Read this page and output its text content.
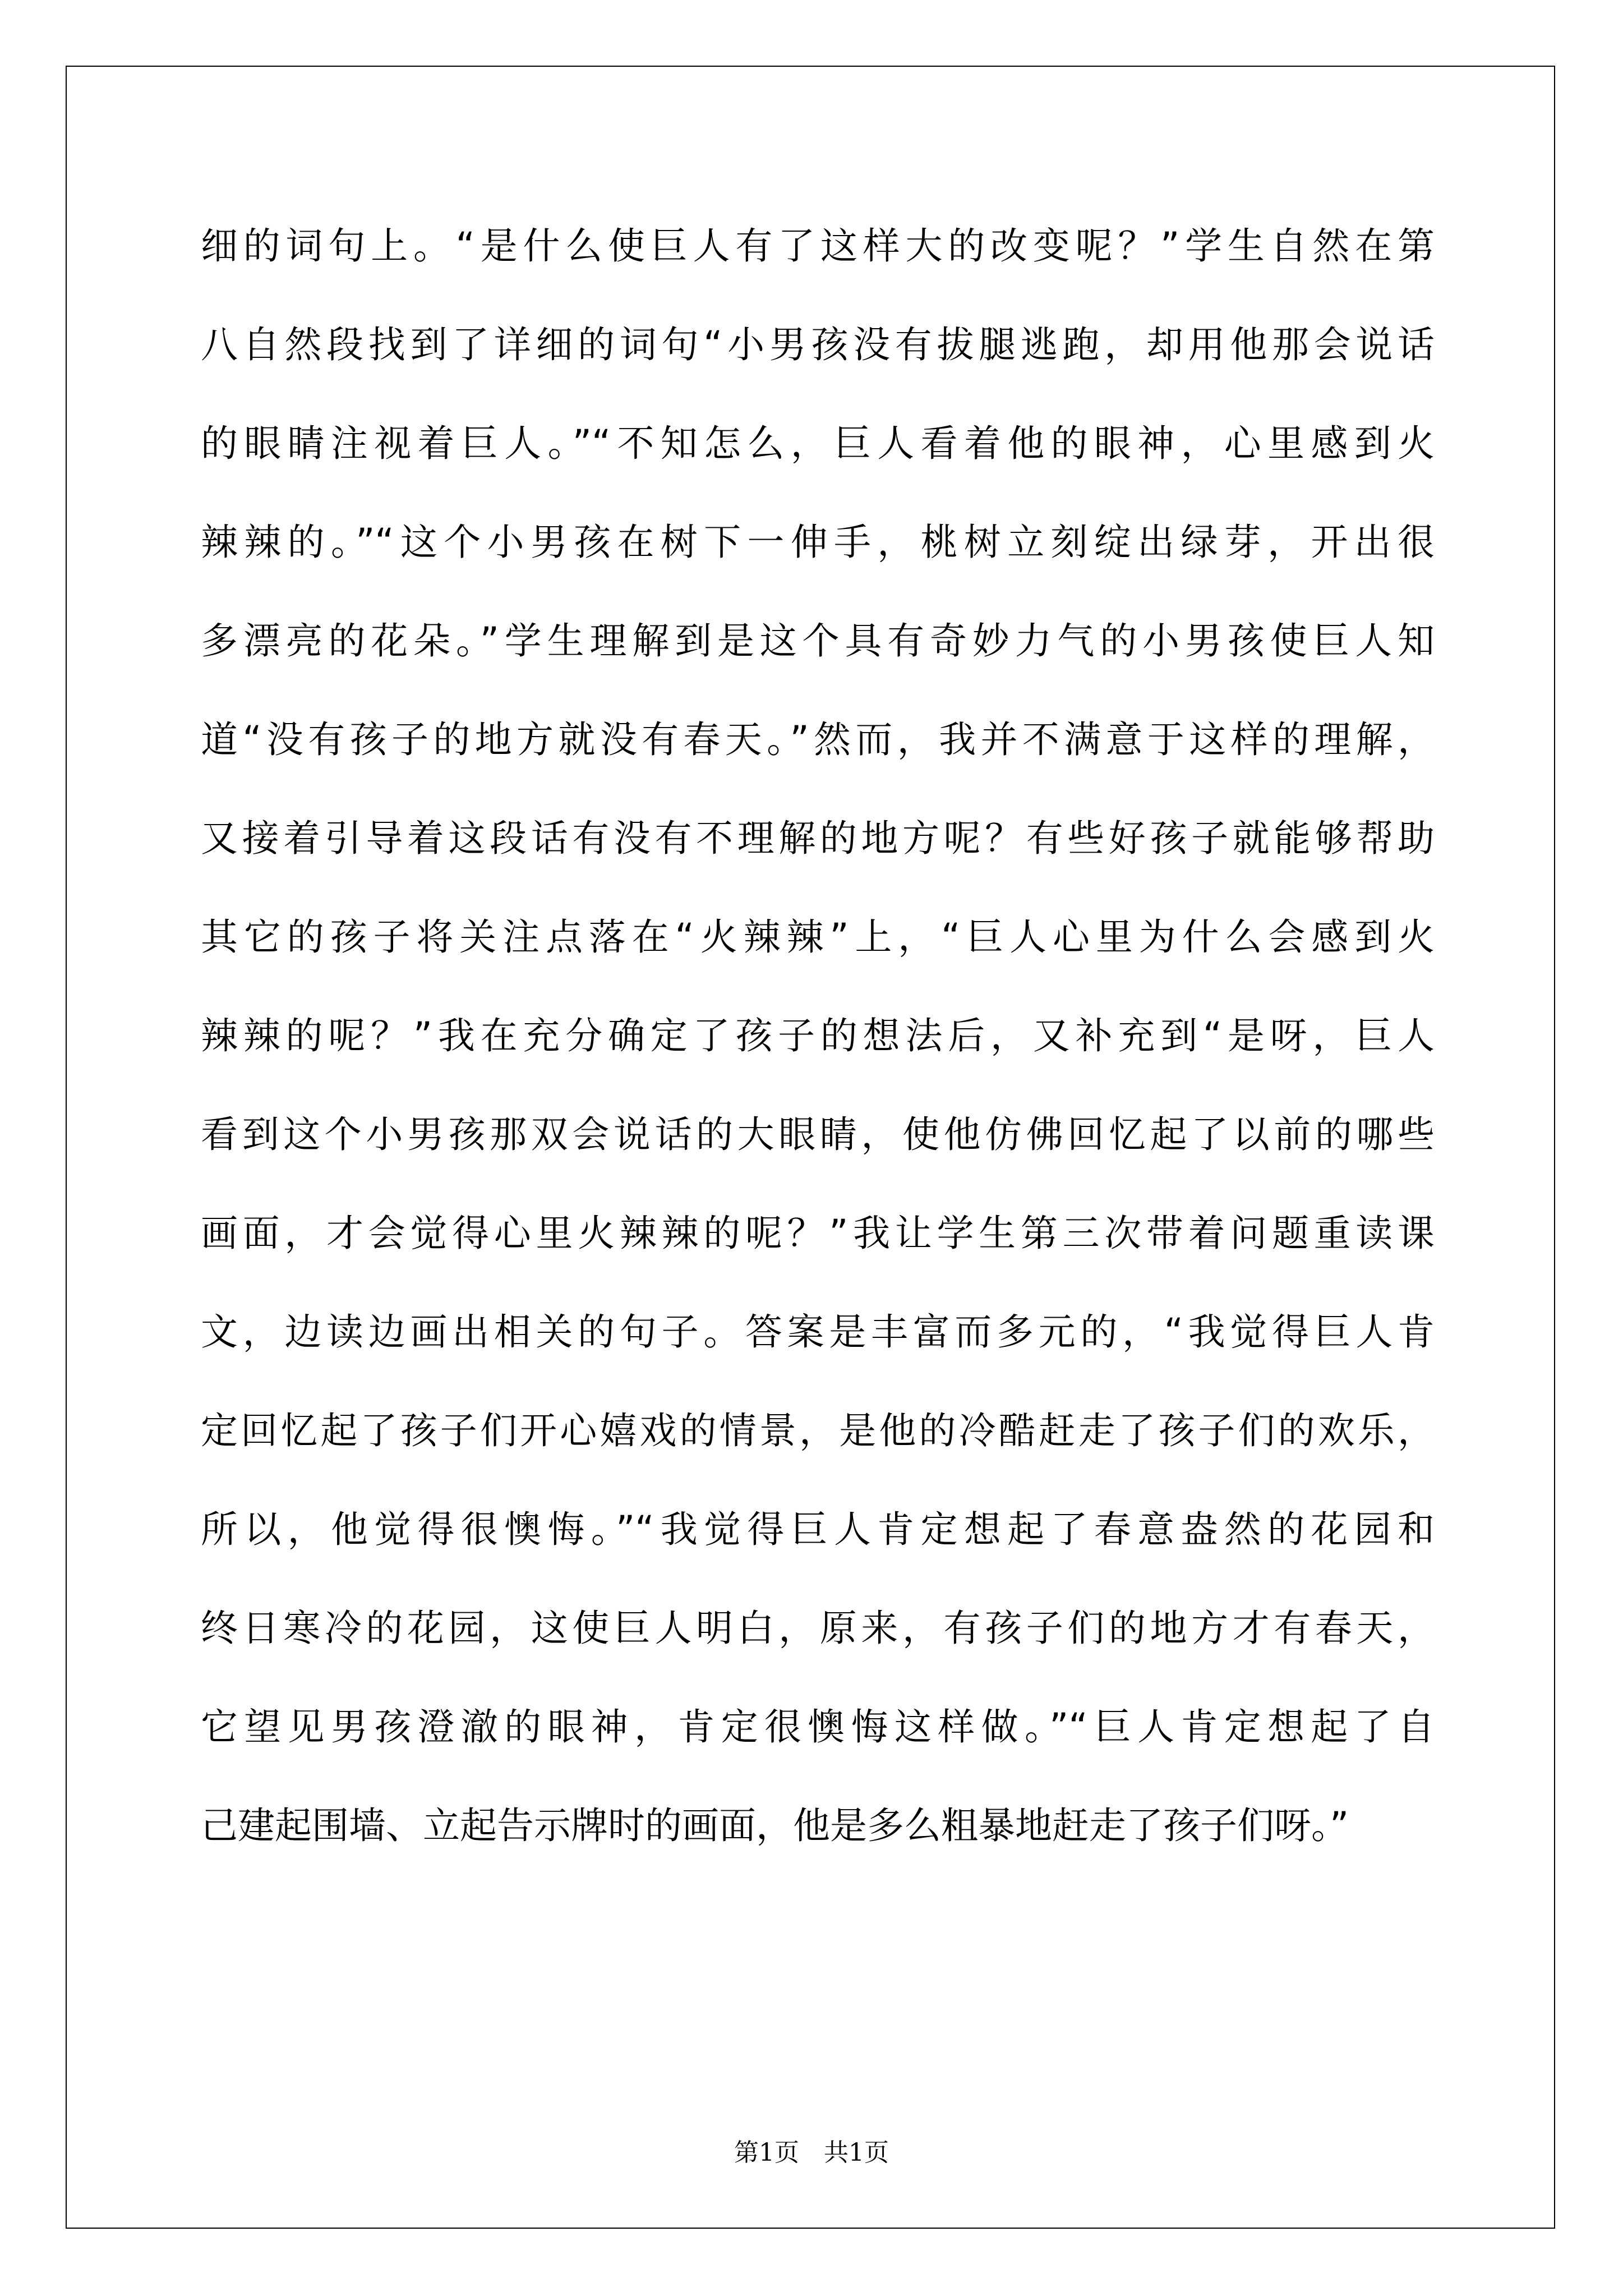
细的词句上。“是什么使巨人有了这样大的改变呢？”学生自然在第
八自然段找到了详细的词句“小男孩没有拔腿逃跑，却用他那会说话
的眼睛注视着巨人。”“不知怎么，巨人看着他的眼神，心里感到火
辣辣的。”“这个小男孩在树下一伸手，桃树立刻绽出绿芽，开出很
多漂亮的花朵。”学生理解到是这个具有奇妙力气的小男孩使巨人知
道“没有孩子的地方就没有春天。”然而，我并不满意于这样的理解，
又接着引导着这段话有没有不理解的地方呢？有些好孩子就能够帮助
其它的孩子将关注点落在“火辣辣”上，“巨人心里为什么会感到火
辣辣的呢？”我在充分确定了孩子的想法后，又补充到“是呀，巨人
看到这个小男孩那双会说话的大眼睛，使他仿佛回忆起了以前的哪些
画面，才会觉得心里火辣辣的呢？”我让学生第三次带着问题重读课
文，边读边画出相关的句子。答案是丰富而多元的，“我觉得巨人肯
定回忆起了孩子们开心嬉戏的情景，是他的冷酷赶走了孩子们的欢乐，
所以，他觉得很懊悔。”“我觉得巨人肯定想起了春意盎然的花园和
终日寒冷的花园，这使巨人明白，原来，有孩子们的地方才有春天，
它望见男孩澄澈的眼神，肯定很懊悔这样做。”“巨人肯定想起了自
己建起围墙、立起告示牌时的画面，他是多么粗暴地赶走了孩子们呀。”
第1页 共1页
